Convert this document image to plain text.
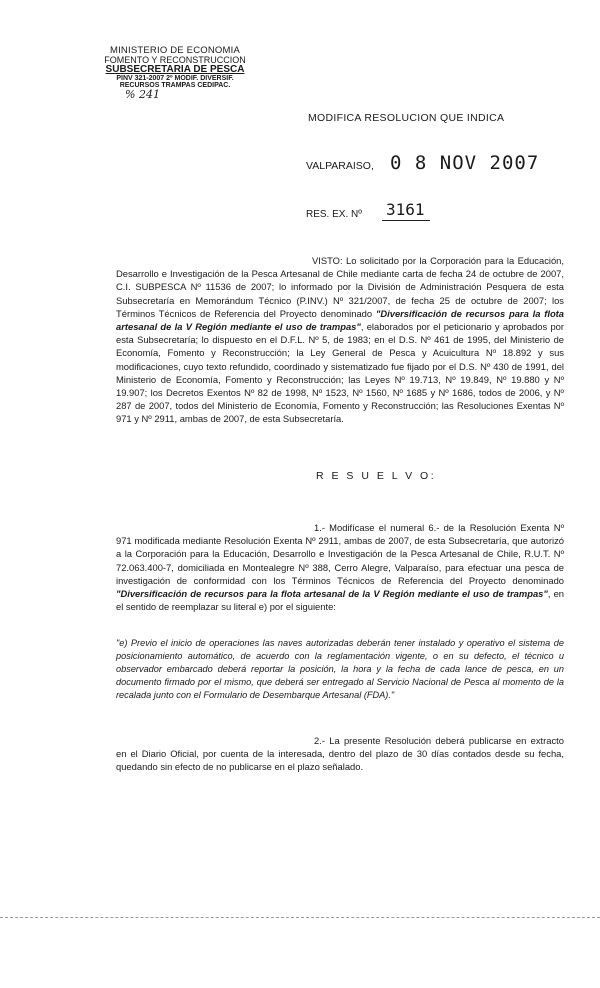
MINISTERIO DE ECONOMIA
FOMENTO Y RECONSTRUCCION
SUBSECRETARIA DE PESCA
PINV 321-2007 2º MODIF. DIVERSIF.
RECURSOS TRAMPAS CEDIPAC.
% 241
MODIFICA RESOLUCION QUE INDICA
VALPARAISO, 0 8 NOV 2007
RES. EX. Nº 3161
VISTO: Lo solicitado por la Corporación para la Educación, Desarrollo e Investigación de la Pesca Artesanal de Chile mediante carta de fecha 24 de octubre de 2007, C.I. SUBPESCA Nº 11536 de 2007; lo informado por la División de Administración Pesquera de esta Subsecretaría en Memorándum Técnico (P.INV.) Nº 321/2007, de fecha 25 de octubre de 2007; los Términos Técnicos de Referencia del Proyecto denominado "Diversificación de recursos para la flota artesanal de la V Región mediante el uso de trampas", elaborados por el peticionario y aprobados por esta Subsecretaría; lo dispuesto en el D.F.L. Nº 5, de 1983; en el D.S. Nº 461 de 1995, del Ministerio de Economía, Fomento y Reconstrucción; la Ley General de Pesca y Acuicultura Nº 18.892 y sus modificaciones, cuyo texto refundido, coordinado y sistematizado fue fijado por el D.S. Nº 430 de 1991, del Ministerio de Economía, Fomento y Reconstrucción; las Leyes Nº 19.713, Nº 19.849, Nº 19.880 y Nº 19.907; los Decretos Exentos Nº 82 de 1998, Nº 1523, Nº 1560, Nº 1685 y Nº 1686, todos de 2006, y Nº 287 de 2007, todos del Ministerio de Economía, Fomento y Reconstrucción; las Resoluciones Exentas Nº 971 y Nº 2911, ambas de 2007, de esta Subsecretaría.
R E S U E L V O:
1.- Modifícase el numeral 6.- de la Resolución Exenta Nº 971 modificada mediante Resolución Exenta Nº 2911, ambas de 2007, de esta Subsecretaría, que autorizó a la Corporación para la Educación, Desarrollo e Investigación de la Pesca Artesanal de Chile, R.U.T. Nº 72.063.400-7, domiciliada en Montealegre Nº 388, Cerro Alegre, Valparaíso, para efectuar una pesca de investigación de conformidad con los Términos Técnicos de Referencia del Proyecto denominado "Diversificación de recursos para la flota artesanal de la V Región mediante el uso de trampas", en el sentido de reemplazar su literal e) por el siguiente:
"e) Previo el inicio de operaciones las naves autorizadas deberán tener instalado y operativo el sistema de posicionamiento automático, de acuerdo con la reglamentación vigente, o en su defecto, el técnico u observador embarcado deberá reportar la posición, la hora y la fecha de cada lance de pesca, en un documento firmado por el mismo, que deberá ser entregado al Servicio Nacional de Pesca al momento de la recalada junto con el Formulario de Desembarque Artesanal (FDA)."
2.- La presente Resolución deberá publicarse en extracto en el Diario Oficial, por cuenta de la interesada, dentro del plazo de 30 días contados desde su fecha, quedando sin efecto de no publicarse en el plazo señalado.
